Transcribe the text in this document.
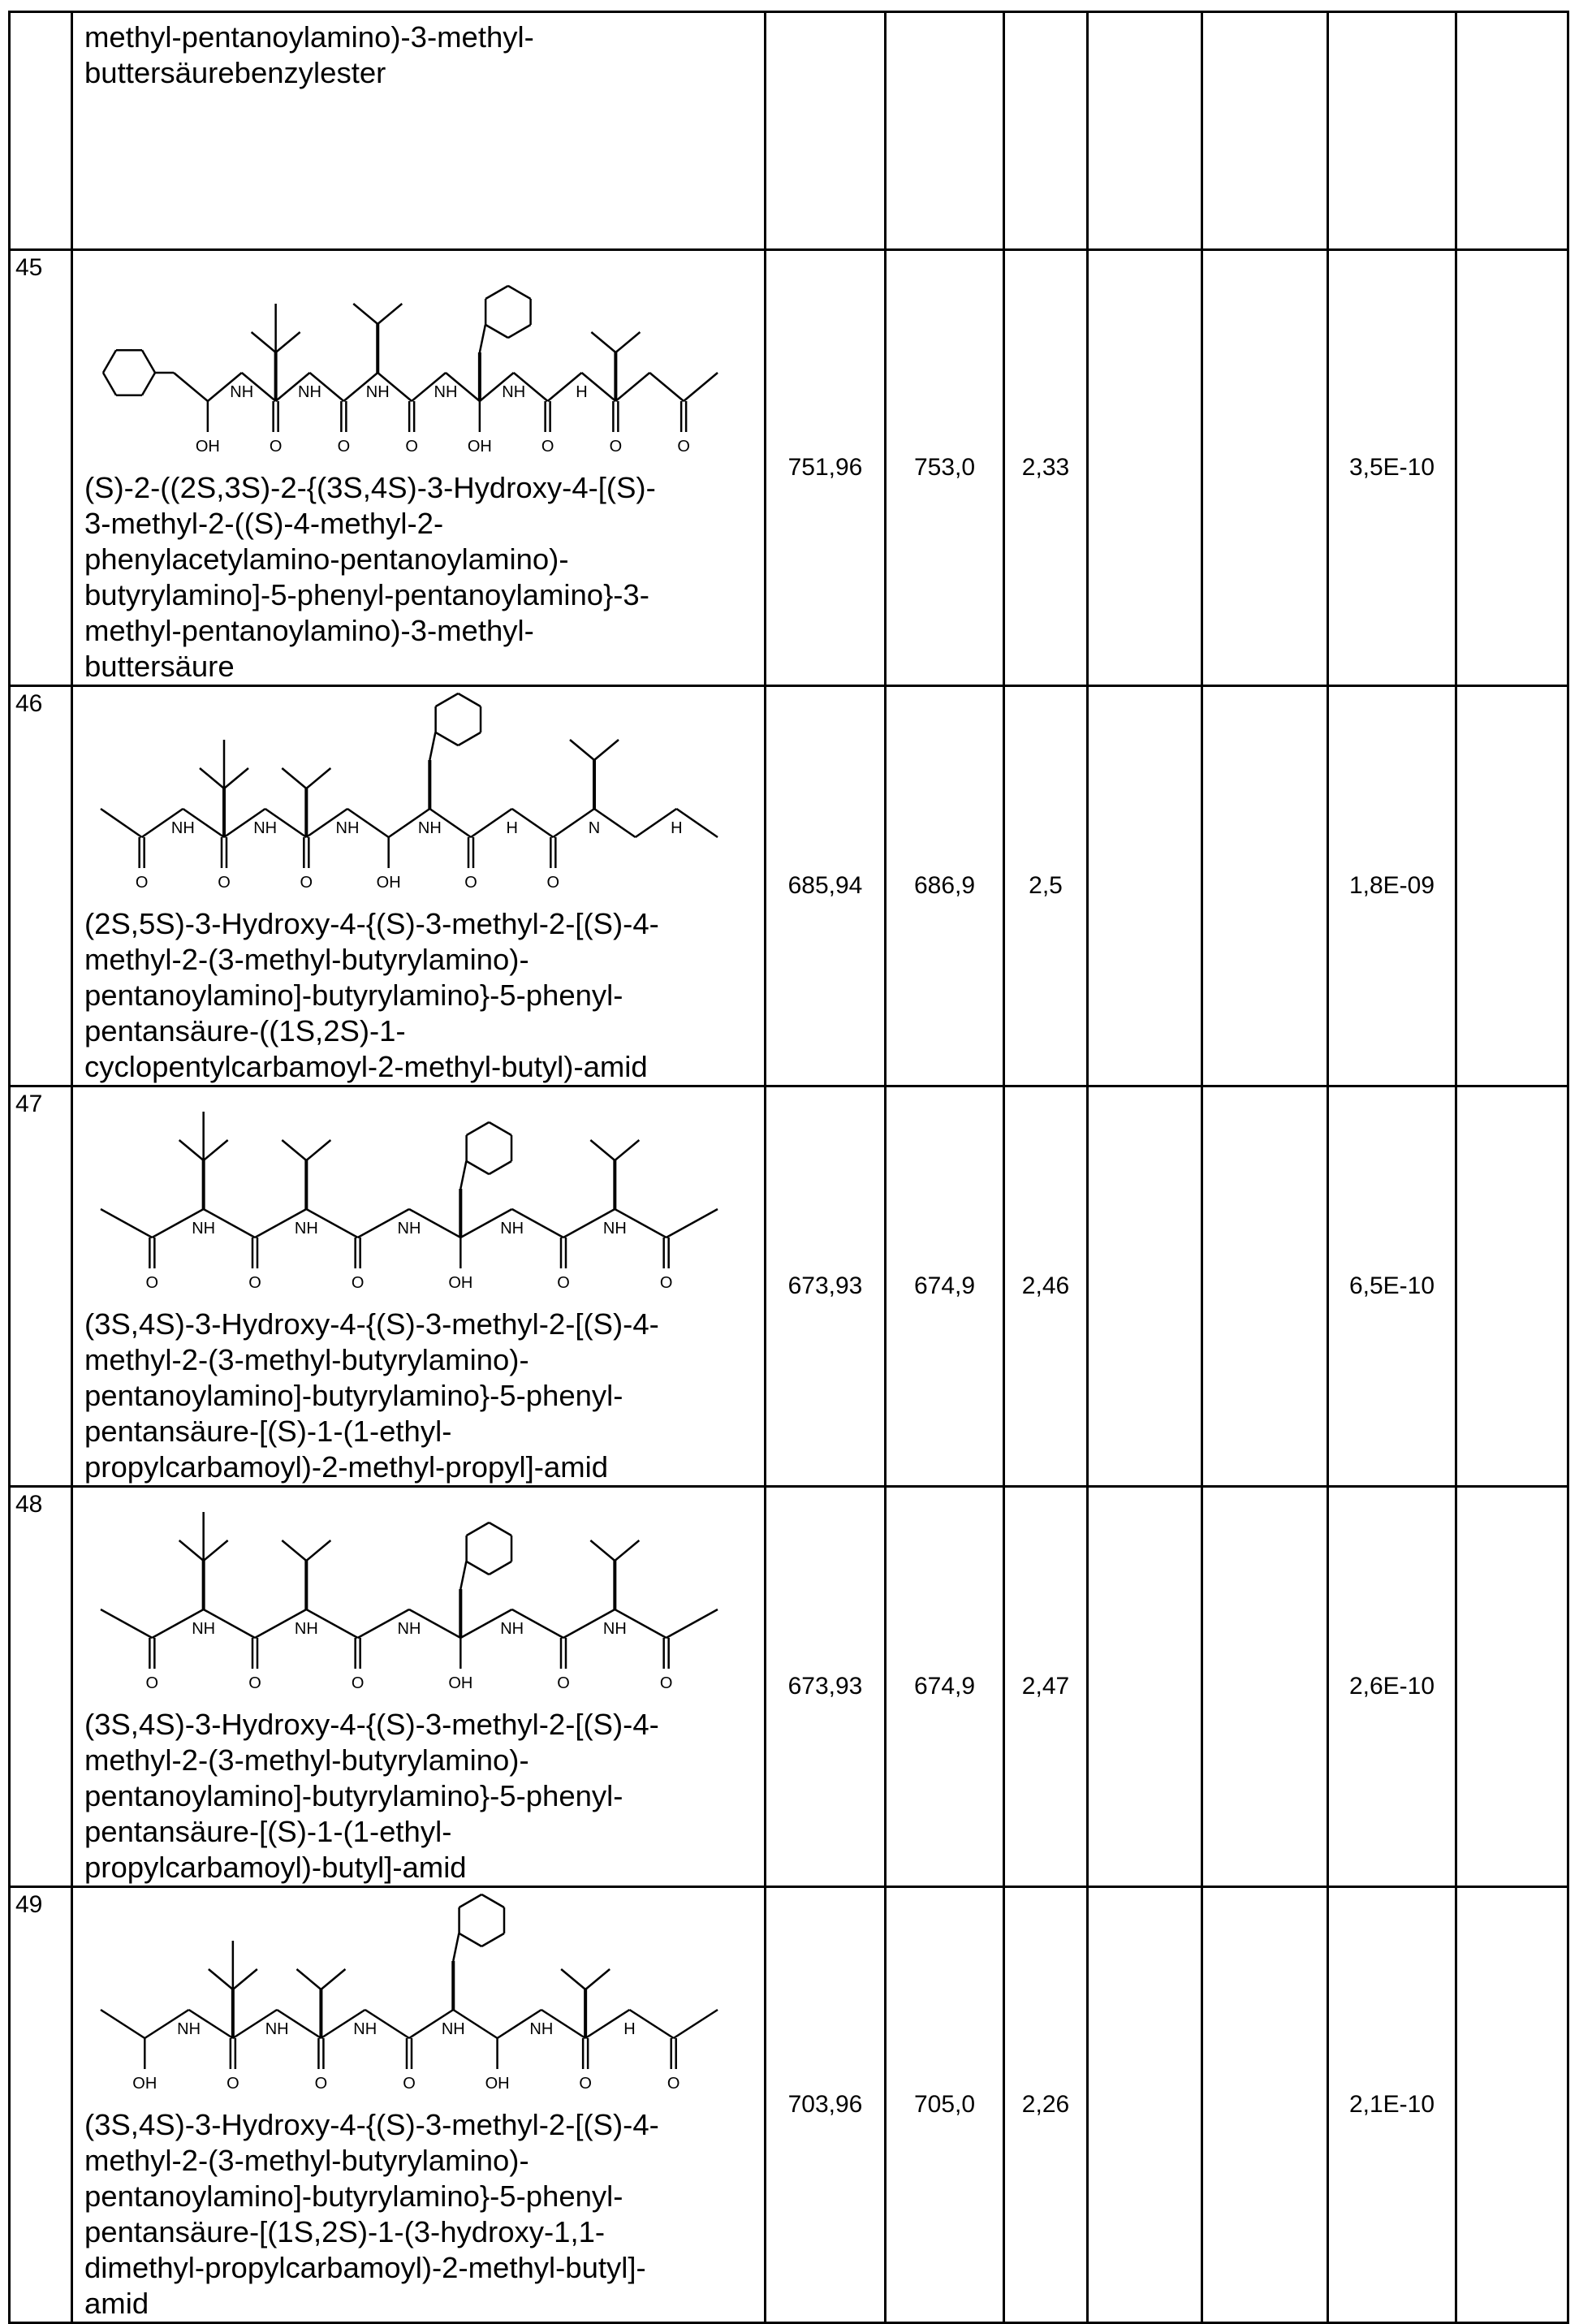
methyl-pentanoylamino)-3-methyl-
buttersäurebenzylester

45	
NH	NH	NH	NH	NH	H
OH	O	O	O	OH	O	O	O
(S)-2-((2S,3S)-2-{(3S,4S)-3-Hydroxy-4-[(S)-
3-methyl-2-((S)-4-methyl-2-
phenylacetylamino-pentanoylamino)-
butyrylamino]-5-phenyl-pentanoylamino}-3-
methyl-pentanoylamino)-3-methyl-
buttersäure
	751,96	753,0	2,33			3,5E-10	
46	
NH	NH	NH	NH	H	N	H
O	O	O	OH	O	O
(2S,5S)-3-Hydroxy-4-{(S)-3-methyl-2-[(S)-4-
methyl-2-(3-methyl-butyrylamino)-
pentanoylamino]-butyrylamino}-5-phenyl-
pentansäure-((1S,2S)-1-
cyclopentylcarbamoyl-2-methyl-butyl)-amid
	685,94	686,9	2,5			1,8E-09	
47	
NH	NH	NH	NH	NH
O	O	O	OH	O	O
(3S,4S)-3-Hydroxy-4-{(S)-3-methyl-2-[(S)-4-
methyl-2-(3-methyl-butyrylamino)-
pentanoylamino]-butyrylamino}-5-phenyl-
pentansäure-[(S)-1-(1-ethyl-
propylcarbamoyl)-2-methyl-propyl]-amid
	673,93	674,9	2,46			6,5E-10	
48	
NH	NH	NH	NH	NH
O	O	O	OH	O	O
(3S,4S)-3-Hydroxy-4-{(S)-3-methyl-2-[(S)-4-
methyl-2-(3-methyl-butyrylamino)-
pentanoylamino]-butyrylamino}-5-phenyl-
pentansäure-[(S)-1-(1-ethyl-
propylcarbamoyl)-butyl]-amid
	673,93	674,9	2,47			2,6E-10	
49	
NH	NH	NH	NH	NH	H
OH	O	O	O	OH	O	O
(3S,4S)-3-Hydroxy-4-{(S)-3-methyl-2-[(S)-4-
methyl-2-(3-methyl-butyrylamino)-
pentanoylamino]-butyrylamino}-5-phenyl-
pentansäure-[(1S,2S)-1-(3-hydroxy-1,1-
dimethyl-propylcarbamoyl)-2-methyl-butyl]-
amid
	703,96	705,0	2,26			2,1E-10	
